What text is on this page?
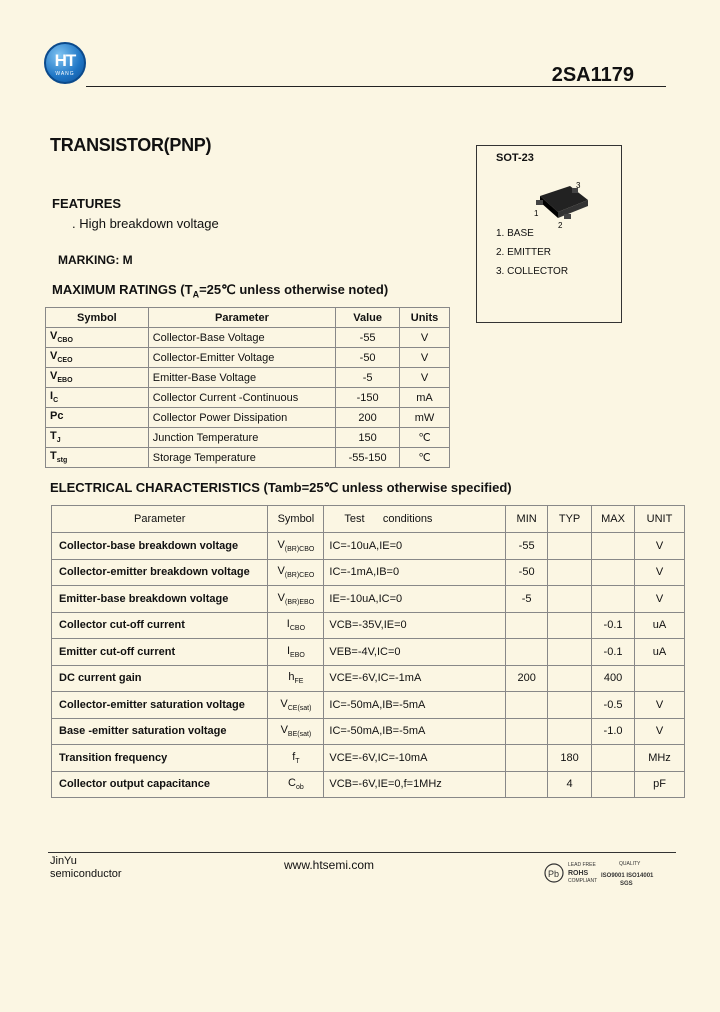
HT
WANG	2SA1179
TRANSISTOR(PNP)
FEATURES
. High breakdown voltage
MARKING: M
MAXIMUM RATINGS ($T_A=25℃$ unless otherwise noted)
SOT-23
1
2
3
1. BASE
2. EMITTER
3. COLLECTOR
Symbol	Parameter	Value	Units
$V_{CBO}$	Collector-Base Voltage	-55	V
$V_{CEO}$	Collector-Emitter Voltage	-50	V
$V_{EBO}$	Emitter-Base Voltage	-5	V
$I_C$	Collector Current -Continuous	-150	mA
Pc	Collector Power Dissipation	200	mW
$T_J$	Junction Temperature	150	℃
$T_{stg}$	Storage Temperature	-55-150	℃
ELECTRICAL CHARACTERISTICS (Tamb=25℃ unless otherwise specified)
Parameter	Symbol	Test      conditions	MIN	TYP	MAX	UNIT
Collector-base breakdown voltage	$V_{(BR)CBO}$	IC=-10uA,IE=0	-55			V
Collector-emitter breakdown voltage	$V_{(BR)CEO}$	IC=-1mA,IB=0	-50			V
Emitter-base breakdown voltage	$V_{(BR)EBO}$	IE=-10uA,IC=0	-5			V
Collector cut-off current	$I_{CBO}$	VCB=-35V,IE=0			-0.1	uA
Emitter cut-off current	$I_{EBO}$	VEB=-4V,IC=0			-0.1	uA
DC current gain	$h_{FE}$	VCE=-6V,IC=-1mA	200		400	
Collector-emitter saturation voltage	$V_{CE(sat)}$	IC=-50mA,IB=-5mA			-0.5	V
Base -emitter saturation voltage	$V_{BE(sat)}$	IC=-50mA,IB=-5mA			-1.0	V
Transition frequency	$f_T$	VCE=-6V,IC=-10mA		180		MHz
Collector output capacitance	$C_{ob}$	VCB=-6V,IE=0,f=1MHz		4		pF
JinYu
semiconductor
www.htsemi.com
Pb
LEAD FREE
ROHS
COMPLIANT
QUALITY
ISO9001 ISO14001
SGS
